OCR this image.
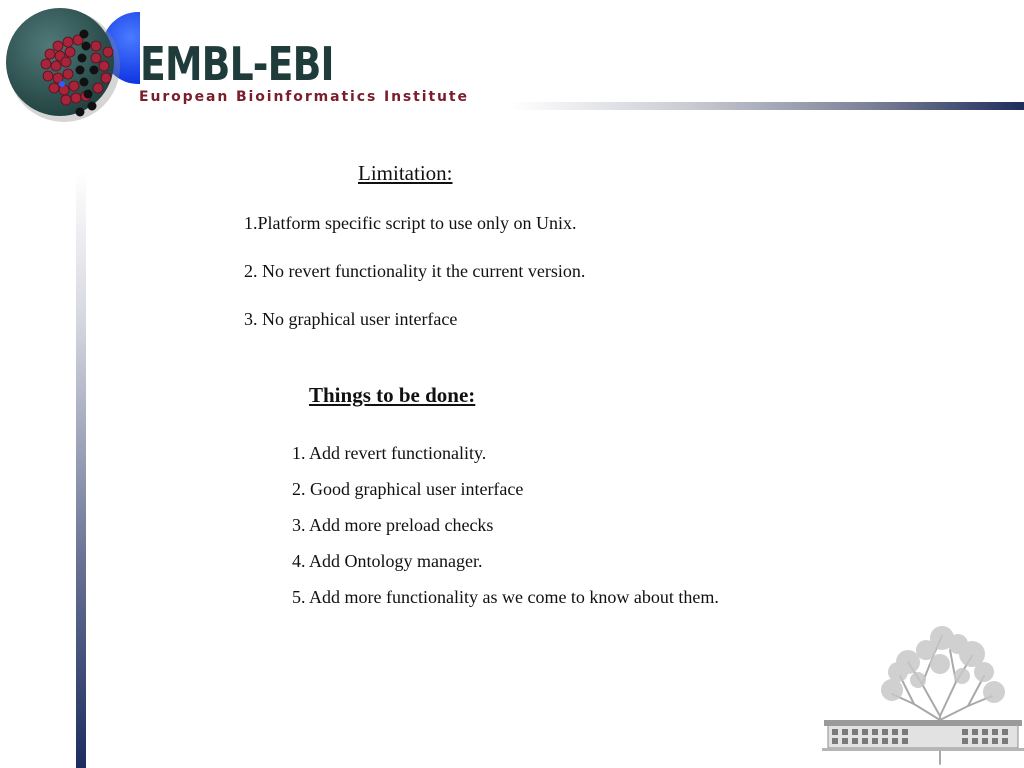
EMBL-EBI

European Bioinformatics Institute

Limitation:
1.Platform specific script to use only on Unix.
2. No revert functionality it the current version.
3. No graphical user interface
Things to be done:
1. Add revert functionality.
2. Good graphical user interface
3. Add more preload checks
4. Add Ontology manager.
5. Add more functionality as we come to know about them.
